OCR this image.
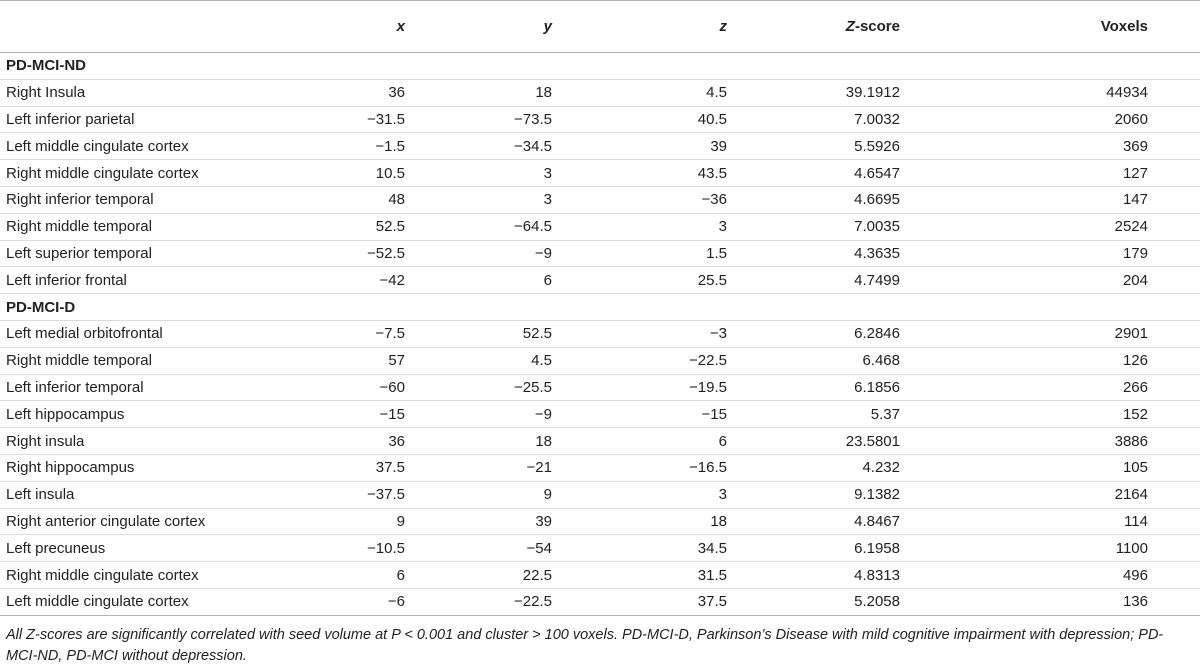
	x	y	z	Z-score	Voxels
PD-MCI-ND					
Right Insula	36	18	4.5	39.1912	44934
Left inferior parietal	−31.5	−73.5	40.5	7.0032	2060
Left middle cingulate cortex	−1.5	−34.5	39	5.5926	369
Right middle cingulate cortex	10.5	3	43.5	4.6547	127
Right inferior temporal	48	3	−36	4.6695	147
Right middle temporal	52.5	−64.5	3	7.0035	2524
Left superior temporal	−52.5	−9	1.5	4.3635	179
Left inferior frontal	−42	6	25.5	4.7499	204
PD-MCI-D					
Left medial orbitofrontal	−7.5	52.5	−3	6.2846	2901
Right middle temporal	57	4.5	−22.5	6.468	126
Left inferior temporal	−60	−25.5	−19.5	6.1856	266
Left hippocampus	−15	−9	−15	5.37	152
Right insula	36	18	6	23.5801	3886
Right hippocampus	37.5	−21	−16.5	4.232	105
Left insula	−37.5	9	3	9.1382	2164
Right anterior cingulate cortex	9	39	18	4.8467	114
Left precuneus	−10.5	−54	34.5	6.1958	1100
Right middle cingulate cortex	6	22.5	31.5	4.8313	496
Left middle cingulate cortex	−6	−22.5	37.5	5.2058	136
All Z-scores are significantly correlated with seed volume at P < 0.001 and cluster > 100 voxels. PD-MCI-D, Parkinson’s Disease with mild cognitive impairment with depression; PD-MCI-ND, PD-MCI without depression.
